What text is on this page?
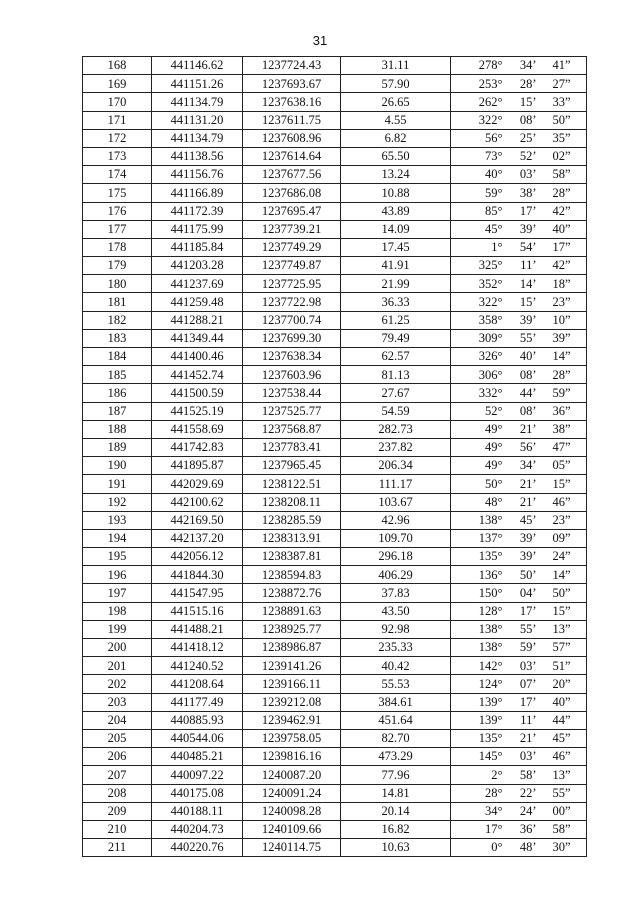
31
168	441146.62	1237724.43	31.11	278° 34’ 41”
169	441151.26	1237693.67	57.90	253° 28’ 27”
170	441134.79	1237638.16	26.65	262° 15’ 33”
171	441131.20	1237611.75	4.55	322° 08’ 50”
172	441134.79	1237608.96	6.82	56° 25’ 35”
173	441138.56	1237614.64	65.50	73° 52’ 02”
174	441156.76	1237677.56	13.24	40° 03’ 58”
175	441166.89	1237686.08	10.88	59° 38’ 28”
176	441172.39	1237695.47	43.89	85° 17’ 42”
177	441175.99	1237739.21	14.09	45° 39’ 40”
178	441185.84	1237749.29	17.45	1° 54’ 17”
179	441203.28	1237749.87	41.91	325° 11’ 42”
180	441237.69	1237725.95	21.99	352° 14’ 18”
181	441259.48	1237722.98	36.33	322° 15’ 23”
182	441288.21	1237700.74	61.25	358° 39’ 10”
183	441349.44	1237699.30	79.49	309° 55’ 39”
184	441400.46	1237638.34	62.57	326° 40’ 14”
185	441452.74	1237603.96	81.13	306° 08’ 28”
186	441500.59	1237538.44	27.67	332° 44’ 59”
187	441525.19	1237525.77	54.59	52° 08’ 36”
188	441558.69	1237568.87	282.73	49° 21’ 38”
189	441742.83	1237783.41	237.82	49° 56’ 47”
190	441895.87	1237965.45	206.34	49° 34’ 05”
191	442029.69	1238122.51	111.17	50° 21’ 15”
192	442100.62	1238208.11	103.67	48° 21’ 46”
193	442169.50	1238285.59	42.96	138° 45’ 23”
194	442137.20	1238313.91	109.70	137° 39’ 09”
195	442056.12	1238387.81	296.18	135° 39’ 24”
196	441844.30	1238594.83	406.29	136° 50’ 14”
197	441547.95	1238872.76	37.83	150° 04’ 50”
198	441515.16	1238891.63	43.50	128° 17’ 15”
199	441488.21	1238925.77	92.98	138° 55’ 13”
200	441418.12	1238986.87	235.33	138° 59’ 57”
201	441240.52	1239141.26	40.42	142° 03’ 51”
202	441208.64	1239166.11	55.53	124° 07’ 20”
203	441177.49	1239212.08	384.61	139° 17’ 40”
204	440885.93	1239462.91	451.64	139° 11’ 44”
205	440544.06	1239758.05	82.70	135° 21’ 45”
206	440485.21	1239816.16	473.29	145° 03’ 46”
207	440097.22	1240087.20	77.96	2° 58’ 13”
208	440175.08	1240091.24	14.81	28° 22’ 55”
209	440188.11	1240098.28	20.14	34° 24’ 00”
210	440204.73	1240109.66	16.82	17° 36’ 58”
211	440220.76	1240114.75	10.63	0° 48’ 30”
